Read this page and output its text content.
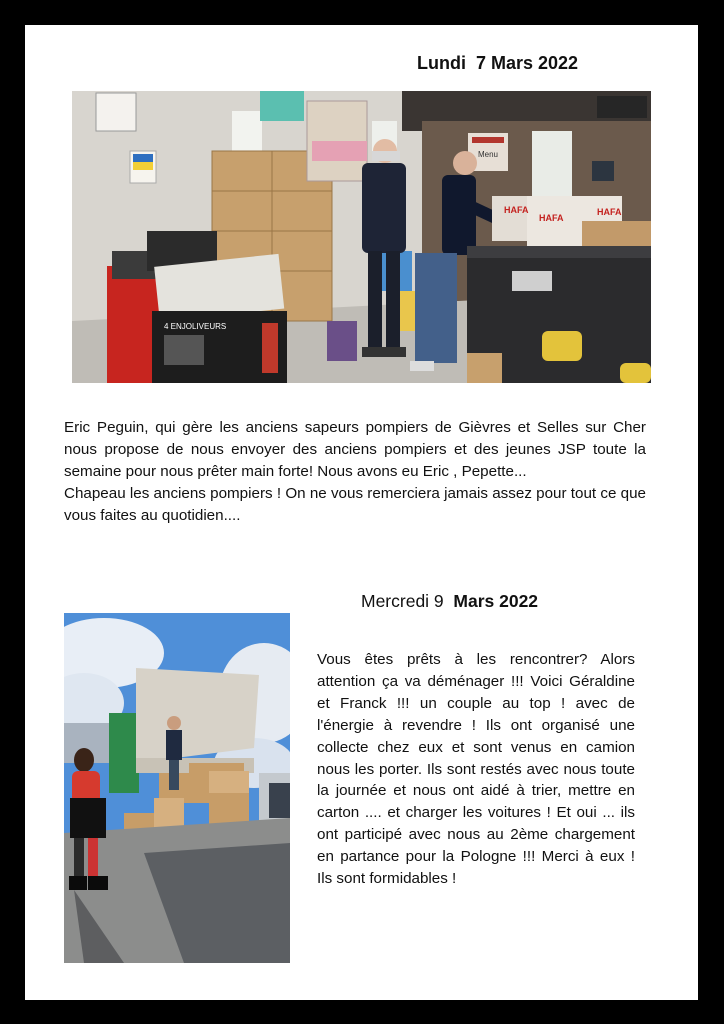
Lundi  7 Mars 2022
Menu
4 ENJOLIVEURS
HAFA
HAFA
HAFA

Eric Peguin, qui gère les anciens sapeurs pompiers de Gièvres et Selles sur Cher nous propose de nous envoyer des anciens pompiers et des jeunes JSP toute la semaine pour nous prêter main forte! Nous avons eu Eric , Pepette...

Chapeau les anciens pompiers ! On ne vous remerciera jamais assez pour tout ce que vous faites au quotidien....

Mercredi 9  Mars 2022

Vous êtes prêts à les rencontrer? Alors attention ça va déménager !!! Voici Géraldine et Franck !!! un couple au top ! avec de l'énergie à revendre ! Ils ont organisé une collecte chez eux et sont venus en camion nous les porter. Ils sont restés avec nous toute la journée et nous ont aidé à trier, mettre en carton .... et charger les voitures ! Et oui ... ils ont participé avec nous au 2ème chargement en partance pour la Pologne !!! Merci à eux ! Ils sont formidables !
